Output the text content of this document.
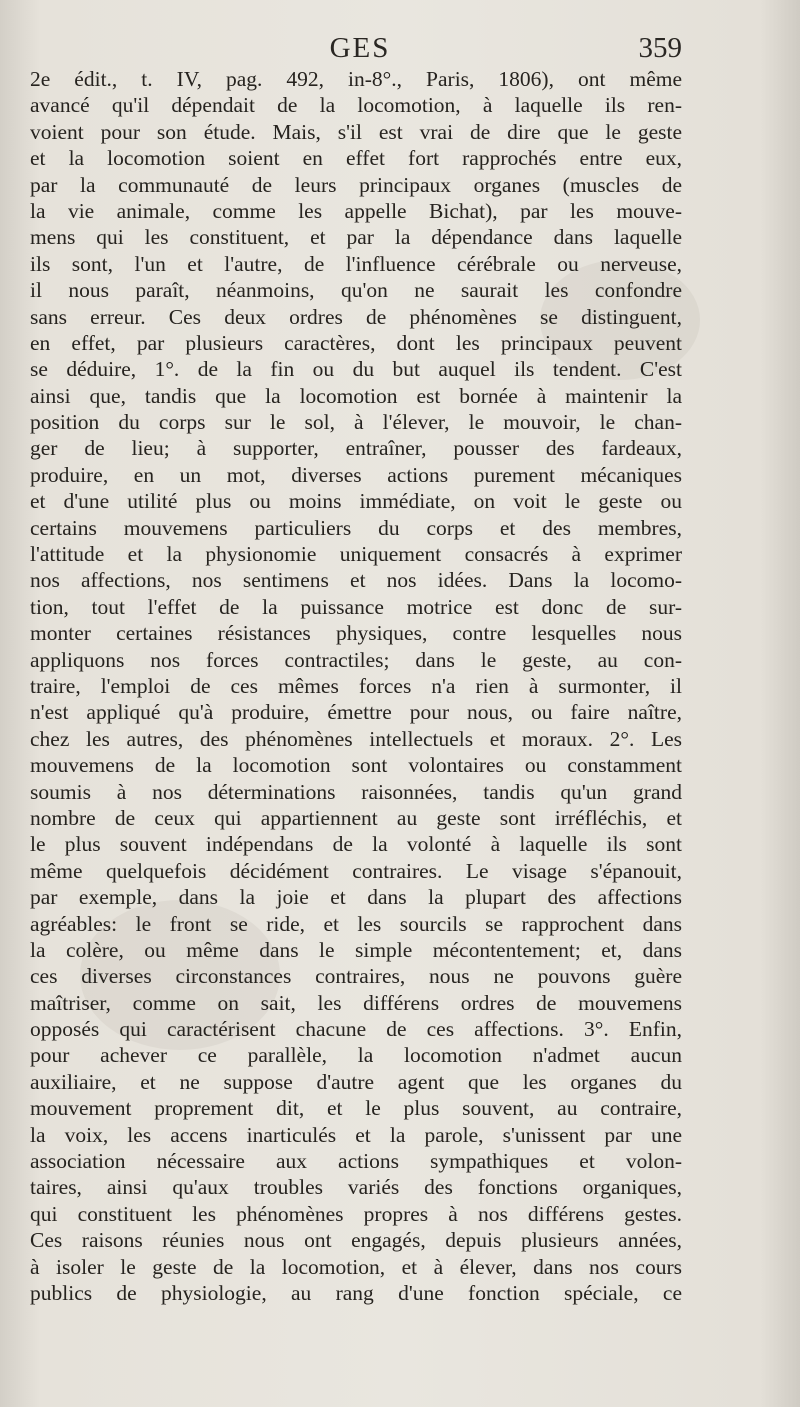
GES	359
2e édit., t. IV, pag. 492, in-8°., Paris, 1806), ont même
avancé qu'il dépendait de la locomotion, à laquelle ils ren-
voient pour son étude. Mais, s'il est vrai de dire que le geste
et la locomotion soient en effet fort rapprochés entre eux,
par la communauté de leurs principaux organes (muscles de
la vie animale, comme les appelle Bichat), par les mouve-
mens qui les constituent, et par la dépendance dans laquelle
ils sont, l'un et l'autre, de l'influence cérébrale ou nerveuse,
il nous paraît, néanmoins, qu'on ne saurait les confondre
sans erreur. Ces deux ordres de phénomènes se distinguent,
en effet, par plusieurs caractères, dont les principaux peuvent
se déduire, 1°. de la fin ou du but auquel ils tendent. C'est
ainsi que, tandis que la locomotion est bornée à maintenir la
position du corps sur le sol, à l'élever, le mouvoir, le chan-
ger de lieu; à supporter, entraîner, pousser des fardeaux,
produire, en un mot, diverses actions purement mécaniques
et d'une utilité plus ou moins immédiate, on voit le geste ou
certains mouvemens particuliers du corps et des membres,
l'attitude et la physionomie uniquement consacrés à exprimer
nos affections, nos sentimens et nos idées. Dans la locomo-
tion, tout l'effet de la puissance motrice est donc de sur-
monter certaines résistances physiques, contre lesquelles nous
appliquons nos forces contractiles; dans le geste, au con-
traire, l'emploi de ces mêmes forces n'a rien à surmonter, il
n'est appliqué qu'à produire, émettre pour nous, ou faire naître,
chez les autres, des phénomènes intellectuels et moraux. 2°. Les
mouvemens de la locomotion sont volontaires ou constamment
soumis à nos déterminations raisonnées, tandis qu'un grand
nombre de ceux qui appartiennent au geste sont irréfléchis, et
le plus souvent indépendans de la volonté à laquelle ils sont
même quelquefois décidément contraires. Le visage s'épanouit,
par exemple, dans la joie et dans la plupart des affections
agréables: le front se ride, et les sourcils se rapprochent dans
la colère, ou même dans le simple mécontentement; et, dans
ces diverses circonstances contraires, nous ne pouvons guère
maîtriser, comme on sait, les différens ordres de mouvemens
opposés qui caractérisent chacune de ces affections. 3°. Enfin,
pour achever ce parallèle, la locomotion n'admet aucun
auxiliaire, et ne suppose d'autre agent que les organes du
mouvement proprement dit, et le plus souvent, au contraire,
la voix, les accens inarticulés et la parole, s'unissent par une
association nécessaire aux actions sympathiques et volon-
taires, ainsi qu'aux troubles variés des fonctions organiques,
qui constituent les phénomènes propres à nos différens gestes.
Ces raisons réunies nous ont engagés, depuis plusieurs années,
à isoler le geste de la locomotion, et à élever, dans nos cours
publics de physiologie, au rang d'une fonction spéciale, ce
